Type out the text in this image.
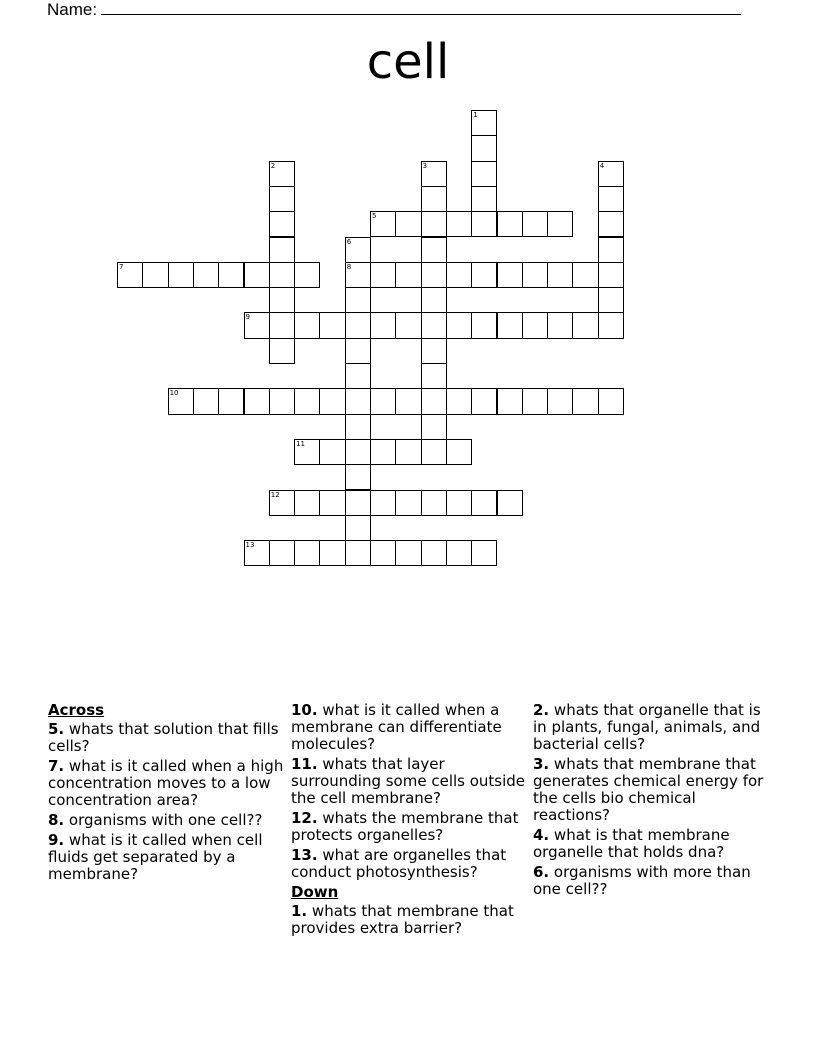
Name:
cell
1
2	3	4
5
6
8
7
9
10
11
12
13
Across
5. whats that solution that fills cells?
7. what is it called when a high concentration moves to a low concentration area?
8. organisms with one cell??
9. what is it called when cell fluids get separated by a membrane?
10. what is it called when a membrane can differentiate molecules?
11. whats that layer surrounding some cells outside the cell membrane?
12. whats the membrane that protects organelles?
13. what are organelles that conduct photosynthesis?
Down
1. whats that membrane that provides extra barrier?
2. whats that organelle that is in plants, fungal, animals, and bacterial cells?
3. whats that membrane that generates chemical energy for the cells bio chemical reactions?
4. what is that membrane organelle that holds dna?
6. organisms with more than one cell??
